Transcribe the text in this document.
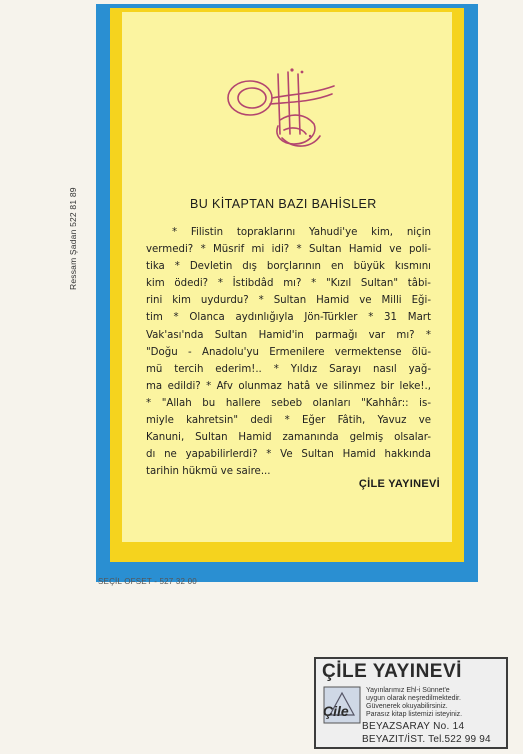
Ressam Şadan 522 81 89	BU KİTAPTAN BAZI BAHİSLER
* Filistin topraklarını Yahudi'ye kim, niçin
vermedi? * Müsrif mi idi? * Sultan Hamid ve poli-
tika * Devletin dış borçlarının en büyük kısmını
kim ödedi? * İstibdâd mı? * "Kızıl Sultan" tâbi-
rini kim uydurdu? * Sultan Hamid ve Milli Eği-
tim * Olanca aydınlığıyla Jön-Türkler * 31 Mart
Vak'ası'nda Sultan Hamid'in parmağı var mı? *
"Doğu - Anadolu'yu Ermenilere vermektense ölü-
mü tercih ederim!.. * Yıldız Sarayı nasıl yağ-
ma edildi? * Afv olunmaz hatâ ve silinmez bir leke!.,
* "Allah bu hallere sebeb olanları "Kahhâr:: is-
miyle kahretsin" dedi * Eğer Fâtih, Yavuz ve
Kanuni, Sultan Hamid zamanında gelmiş olsalar-
dı ne yapabilirlerdi? * Ve Sultan Hamid hakkında
tarihin hükmü ve saire...
ÇİLE YAYINEVİ
SEÇİL OFSET - 527 32 00
ÇİLE YAYINEVİ
Çile
Yayınlarımız Ehl-i Sünnet'e
uygun olarak neşredilmektedir.
Güvenerek okuyabilirsiniz.
Parasız kitap listemizi isteyiniz.
BEYAZSARAY No. 14
BEYAZIT/İST. Tel.522 99 94
